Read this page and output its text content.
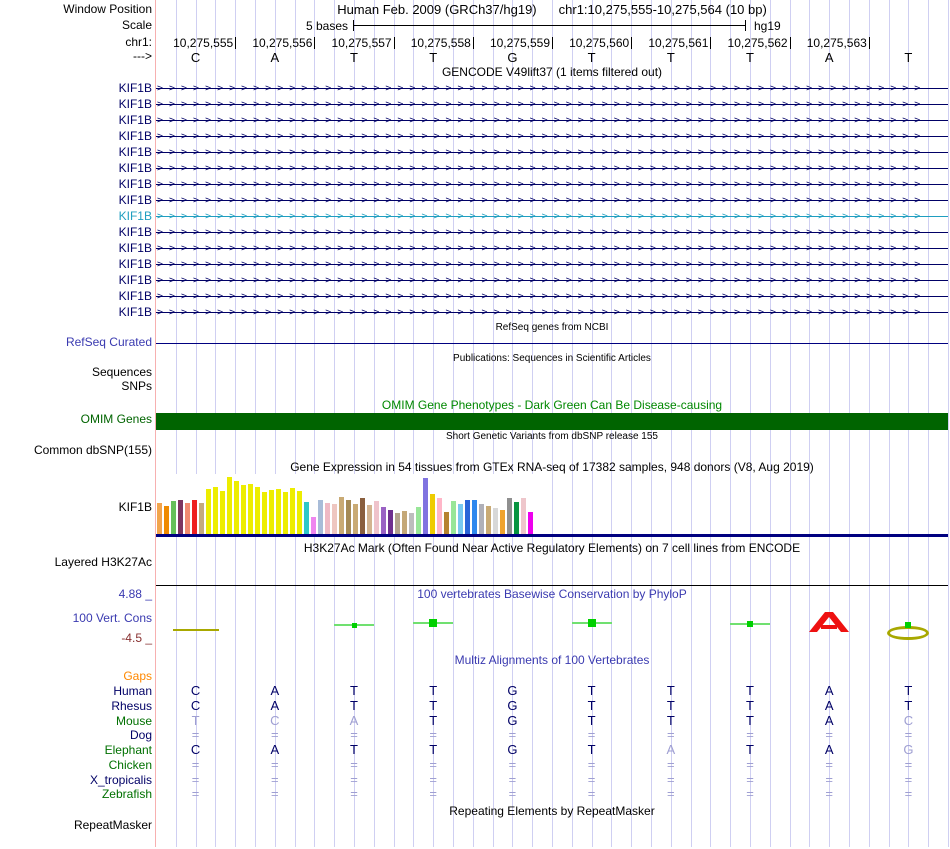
Window Position
Scale
chr1:
--->
Human Feb. 2009 (GRCh37/hg19) chr1:10,275,555-10,275,564 (10 bp)
5 bases	hg19
GENCODE V49lift37 (1 items filtered out)
RefSeq genes from NCBI
RefSeq Curated
Publications: Sequences in Scientific Articles
Sequences
SNPs
OMIM Gene Phenotypes - Dark Green Can Be Disease-causing
OMIM Genes
Short Genetic Variants from dbSNP release 155
Common dbSNP(155)
Gene Expression in 54 tissues from GTEx RNA-seq of 17382 samples, 948 donors (V8, Aug 2019)
KIF1B
H3K27Ac Mark (Often Found Near Active Regulatory Elements) on 7 cell lines from ENCODE
Layered H3K27Ac
4.88 _	100 vertebrates Basewise Conservation by PhyloP
100 Vert. Cons
-4.5 _
Multiz Alignments of 100 Vertebrates
Gaps
Repeating Elements by RepeatMasker
RepeatMasker
10,275,555	10,275,556	10,275,557	10,275,558	10,275,559	10,275,560	10,275,561	10,275,562	10,275,563
C	A	T	T	G	T	T	T	A	T
KIF1B >>>>>>>>>>>>>>>>>>>>>>>>>>>>>>>>>>>>>>>>>>>>>>>>>>>>>>>>>>>>>>>>
KIF1B >>>>>>>>>>>>>>>>>>>>>>>>>>>>>>>>>>>>>>>>>>>>>>>>>>>>>>>>>>>>>>>>
KIF1B >>>>>>>>>>>>>>>>>>>>>>>>>>>>>>>>>>>>>>>>>>>>>>>>>>>>>>>>>>>>>>>>
KIF1B >>>>>>>>>>>>>>>>>>>>>>>>>>>>>>>>>>>>>>>>>>>>>>>>>>>>>>>>>>>>>>>>
KIF1B >>>>>>>>>>>>>>>>>>>>>>>>>>>>>>>>>>>>>>>>>>>>>>>>>>>>>>>>>>>>>>>>
KIF1B >>>>>>>>>>>>>>>>>>>>>>>>>>>>>>>>>>>>>>>>>>>>>>>>>>>>>>>>>>>>>>>>
KIF1B >>>>>>>>>>>>>>>>>>>>>>>>>>>>>>>>>>>>>>>>>>>>>>>>>>>>>>>>>>>>>>>>
KIF1B >>>>>>>>>>>>>>>>>>>>>>>>>>>>>>>>>>>>>>>>>>>>>>>>>>>>>>>>>>>>>>>>
KIF1B >>>>>>>>>>>>>>>>>>>>>>>>>>>>>>>>>>>>>>>>>>>>>>>>>>>>>>>>>>>>>>>>
KIF1B >>>>>>>>>>>>>>>>>>>>>>>>>>>>>>>>>>>>>>>>>>>>>>>>>>>>>>>>>>>>>>>>
KIF1B >>>>>>>>>>>>>>>>>>>>>>>>>>>>>>>>>>>>>>>>>>>>>>>>>>>>>>>>>>>>>>>>
KIF1B >>>>>>>>>>>>>>>>>>>>>>>>>>>>>>>>>>>>>>>>>>>>>>>>>>>>>>>>>>>>>>>>
KIF1B >>>>>>>>>>>>>>>>>>>>>>>>>>>>>>>>>>>>>>>>>>>>>>>>>>>>>>>>>>>>>>>>
KIF1B >>>>>>>>>>>>>>>>>>>>>>>>>>>>>>>>>>>>>>>>>>>>>>>>>>>>>>>>>>>>>>>>
KIF1B >>>>>>>>>>>>>>>>>>>>>>>>>>>>>>>>>>>>>>>>>>>>>>>>>>>>>>>>>>>>>>>>
Human	C	A	T	T	G	T	T	T	A	T
Rhesus	C	A	T	T	G	T	T	T	A	T
Mouse	T	C	A	T	G	T	T	T	A	C
Dog	=	=	=	=	=	=	=	=	=	=
Elephant	C	A	T	T	G	T	A	T	A	G
Chicken	=	=	=	=	=	=	=	=	=	=
X_tropicalis	=	=	=	=	=	=	=	=	=	=
Zebrafish	=	=	=	=	=	=	=	=	=	=
